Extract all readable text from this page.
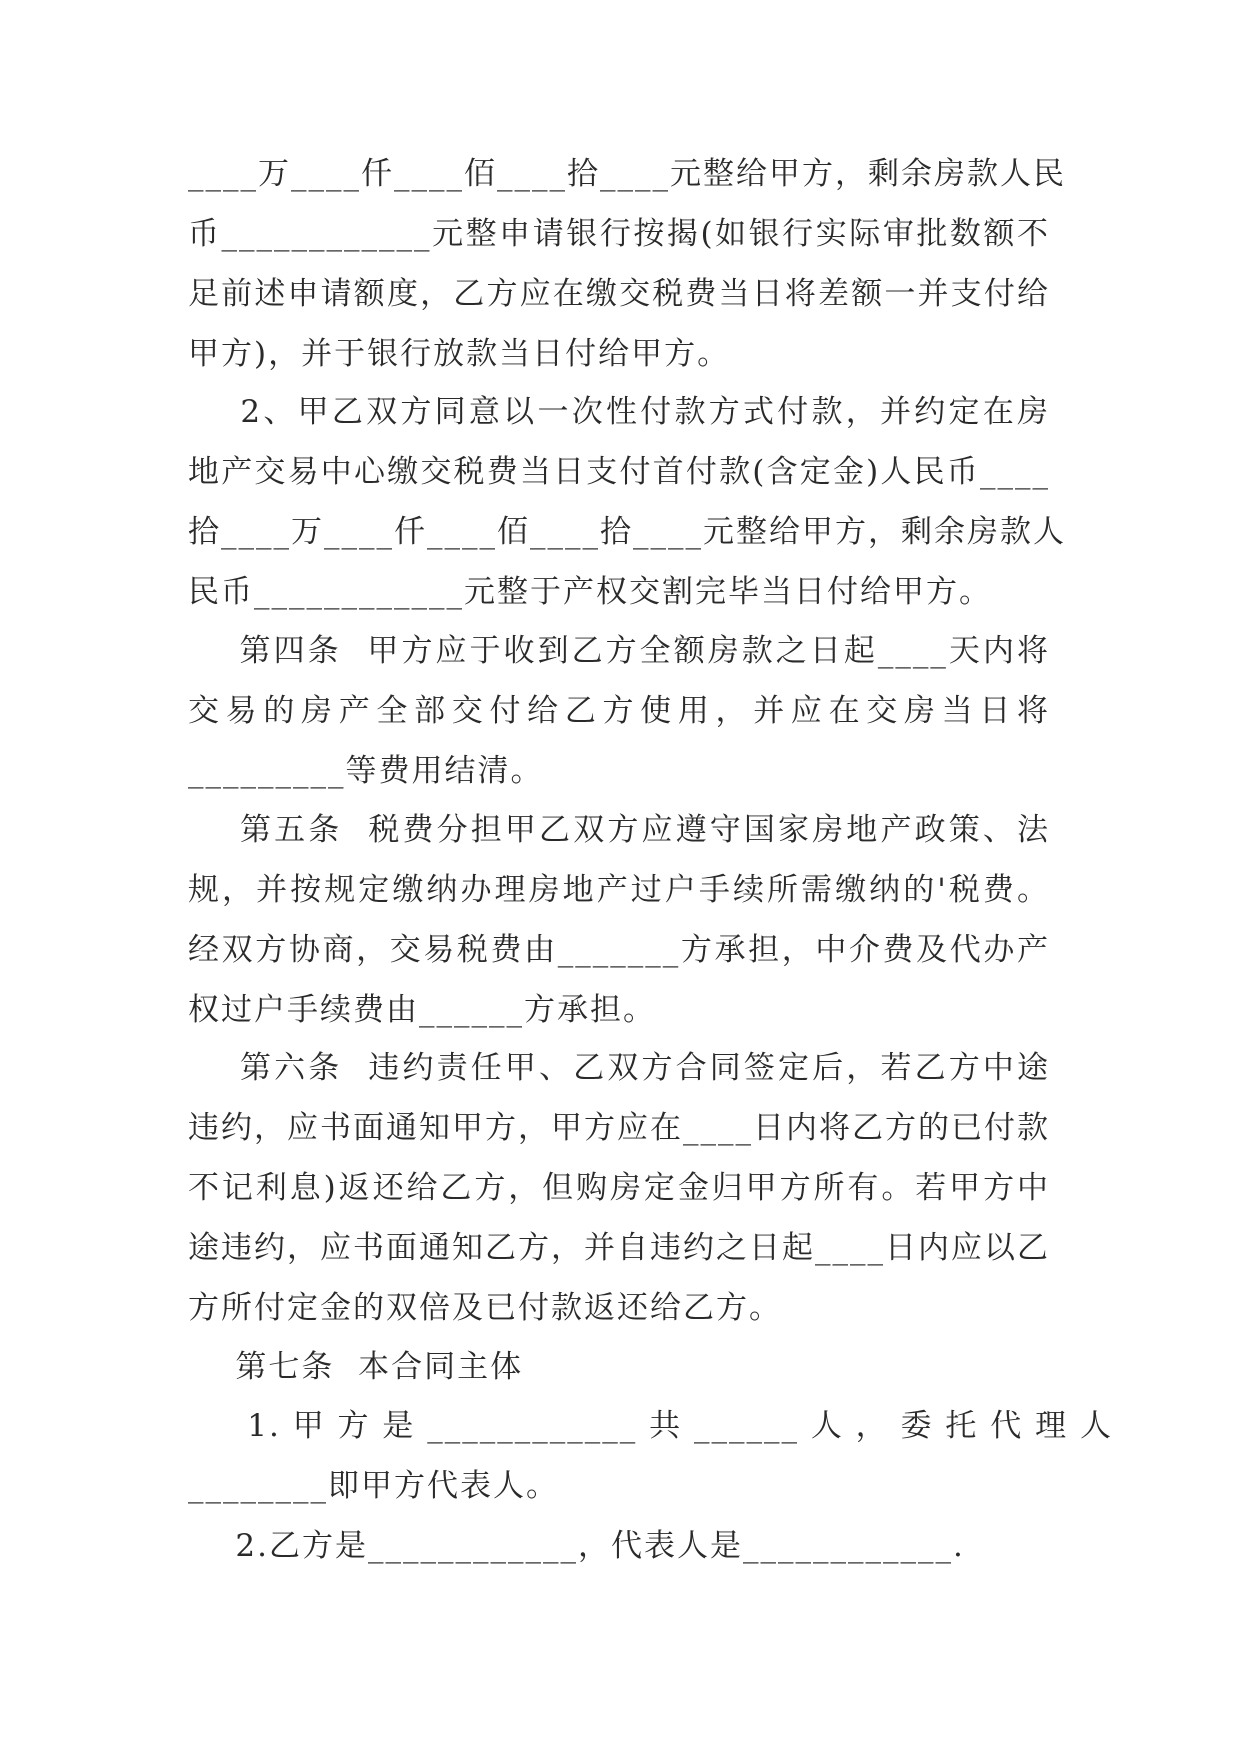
____万____仟____佰____拾____元整给甲方，剩余房款人民
币____________元整申请银行按揭(如银行实际审批数额不
足前述申请额度，乙方应在缴交税费当日将差额一并支付给
甲方)，并于银行放款当日付给甲方。
2、甲乙双方同意以一次性付款方式付款，并约定在房
地产交易中心缴交税费当日支付首付款(含定金)人民币____
拾____万____仟____佰____拾____元整给甲方，剩余房款人
民币____________元整于产权交割完毕当日付给甲方。
第四条  甲方应于收到乙方全额房款之日起____天内将
交易的房产全部交付给乙方使用，并应在交房当日将
_________等费用结清。
第五条  税费分担甲乙双方应遵守国家房地产政策、法
规，并按规定缴纳办理房地产过户手续所需缴纳的'税费。
经双方协商，交易税费由_______方承担，中介费及代办产
权过户手续费由______方承担。
第六条  违约责任甲、乙双方合同签定后，若乙方中途
违约，应书面通知甲方，甲方应在____日内将乙方的已付款
不记利息)返还给乙方，但购房定金归甲方所有。若甲方中
途违约，应书面通知乙方，并自违约之日起____日内应以乙
方所付定金的双倍及已付款返还给乙方。
第七条  本合同主体
1. 甲 方 是 ____________ 共 ______ 人 ， 委 托 代 理 人
________即甲方代表人。
2.乙方是____________，代表人是____________.
